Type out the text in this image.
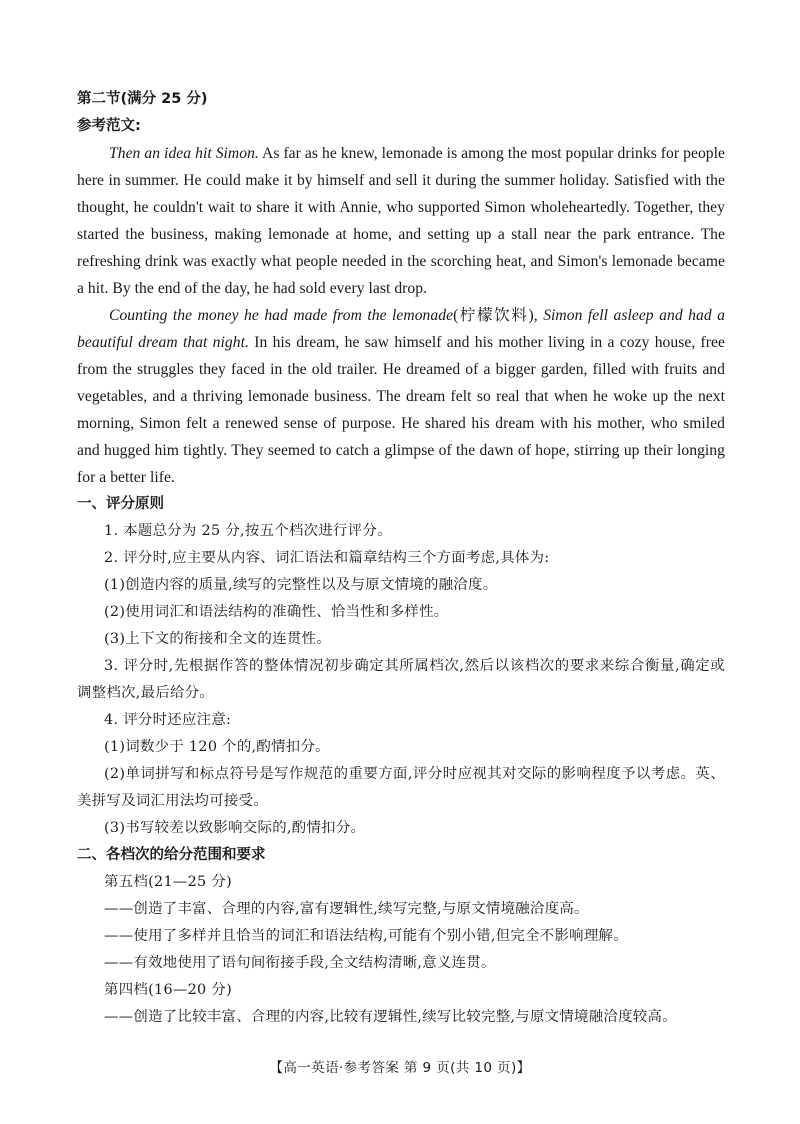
第二节(满分 25 分)

参考范文:

Then an idea hit Simon. As far as he knew, lemonade is among the most popular drinks for people here in summer. He could make it by himself and sell it during the summer holiday. Satisfied with the thought, he couldn't wait to share it with Annie, who supported Simon wholeheartedly. Together, they started the business, making lemonade at home, and setting up a stall near the park entrance. The refreshing drink was exactly what people needed in the scorching heat, and Simon's lemonade became a hit. By the end of the day, he had sold every last drop.

Counting the money he had made from the lemonade(柠檬饮料), Simon fell asleep and had a beautiful dream that night. In his dream, he saw himself and his mother living in a cozy house, free from the struggles they faced in the old trailer. He dreamed of a bigger garden, filled with fruits and vegetables, and a thriving lemonade business. The dream felt so real that when he woke up the next morning, Simon felt a renewed sense of purpose. He shared his dream with his mother, who smiled and hugged him tightly. They seemed to catch a glimpse of the dawn of hope, stirring up their longing for a better life.

一、评分原则

1. 本题总分为 25 分,按五个档次进行评分。

2. 评分时,应主要从内容、词汇语法和篇章结构三个方面考虑,具体为:

(1)创造内容的质量,续写的完整性以及与原文情境的融洽度。

(2)使用词汇和语法结构的准确性、恰当性和多样性。

(3)上下文的衔接和全文的连贯性。

3. 评分时,先根据作答的整体情况初步确定其所属档次,然后以该档次的要求来综合衡量,确定或调整档次,最后给分。

4. 评分时还应注意:

(1)词数少于 120 个的,酌情扣分。

(2)单词拼写和标点符号是写作规范的重要方面,评分时应视其对交际的影响程度予以考虑。英、美拼写及词汇用法均可接受。

(3)书写较差以致影响交际的,酌情扣分。

二、各档次的给分范围和要求

第五档(21—25 分)

——创造了丰富、合理的内容,富有逻辑性,续写完整,与原文情境融洽度高。

——使用了多样并且恰当的词汇和语法结构,可能有个别小错,但完全不影响理解。

——有效地使用了语句间衔接手段,全文结构清晰,意义连贯。

第四档(16—20 分)

——创造了比较丰富、合理的内容,比较有逻辑性,续写比较完整,与原文情境融洽度较高。

【高一英语·参考答案 第 9 页(共 10 页)】
